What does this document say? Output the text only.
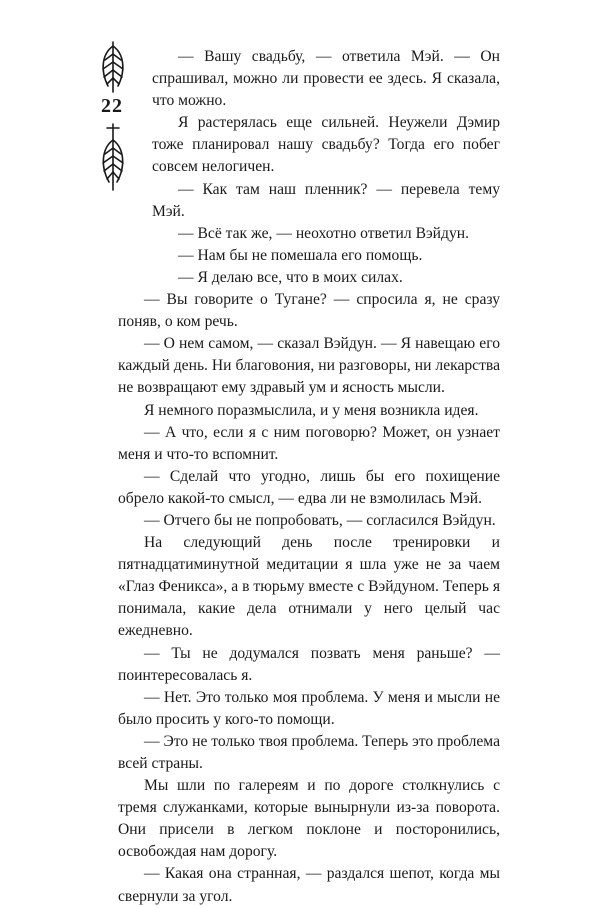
22

— Вашу свадьбу, — ответила Мэй. — Он спрашивал, можно ли провести ее здесь. Я сказала, что можно.

Я растерялась еще сильней. Неужели Дэмир тоже планировал нашу свадьбу? Тогда его побег совсем нелогичен.

— Как там наш пленник? — перевела тему Мэй.

— Всё так же, — неохотно ответил Вэйдун.

— Нам бы не помешала его помощь.

— Я делаю все, что в моих силах.

— Вы говорите о Тугане? — спросила я, не сразу поняв, о ком речь.

— О нем самом, — сказал Вэйдун. — Я навещаю его каждый день. Ни благовония, ни разговоры, ни лекарства не возвращают ему здравый ум и ясность мысли.

Я немного поразмыслила, и у меня возникла идея.

— А что, если я с ним поговорю? Может, он узнает меня и что-то вспомнит.

— Сделай что угодно, лишь бы его похищение обрело какой-то смысл, — едва ли не взмолилась Мэй.

— Отчего бы не попробовать, — согласился Вэйдун.

На следующий день после тренировки и пятнадцатиминутной медитации я шла уже не за чаем «Глаз Феникса», а в тюрьму вместе с Вэйдуном. Теперь я понимала, какие дела отнимали у него целый час ежедневно.

— Ты не додумался позвать меня раньше? — поинтересовалась я.

— Нет. Это только моя проблема. У меня и мысли не было просить у кого-то помощи.

— Это не только твоя проблема. Теперь это проблема всей страны.

Мы шли по галереям и по дороге столкнулись с тремя служанками, которые вынырнули из-за поворота. Они присели в легком поклоне и посторонились, освобождая нам дорогу.

— Какая она странная, — раздался шепот, когда мы свернули за угол.
